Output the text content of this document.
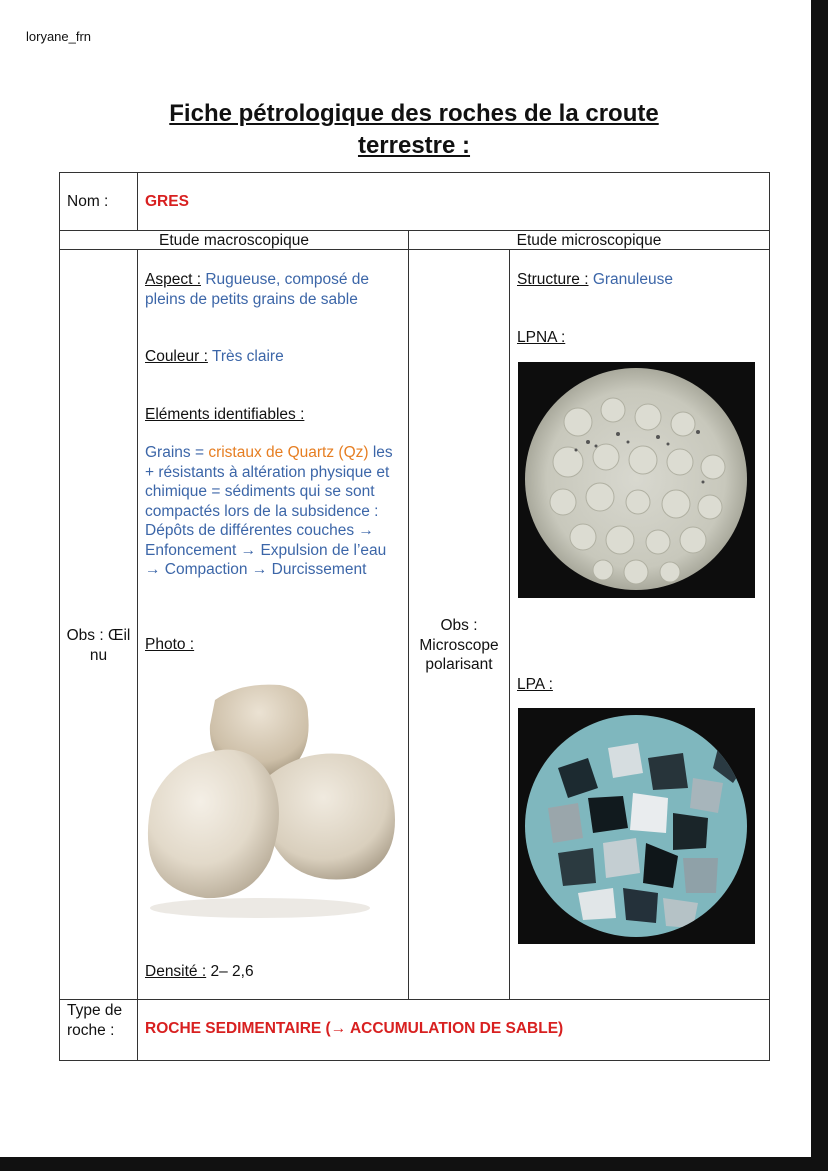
loryane_frn
Fiche pétrologique des roches de la croute terrestre :
Nom : GRES
Etude macroscopique	Etude microscopique
Obs : Œil nu
Obs : Microscope polarisant
Aspect : Rugueuse, composé de pleins de petits grains de sable
Couleur : Très claire
Eléments identifiables :
Grains = cristaux de Quartz (Qz) les + résistants à altération physique et chimique = sédiments qui se sont compactés lors de la subsidence :
Dépôts de différentes couches → Enfoncement → Expulsion de l’eau → Compaction → Durcissement
Photo :
Densité : 2– 2,6
Structure : Granuleuse
LPNA :
LPA :
Type de roche :	ROCHE SEDIMENTAIRE (→ ACCUMULATION DE SABLE)
